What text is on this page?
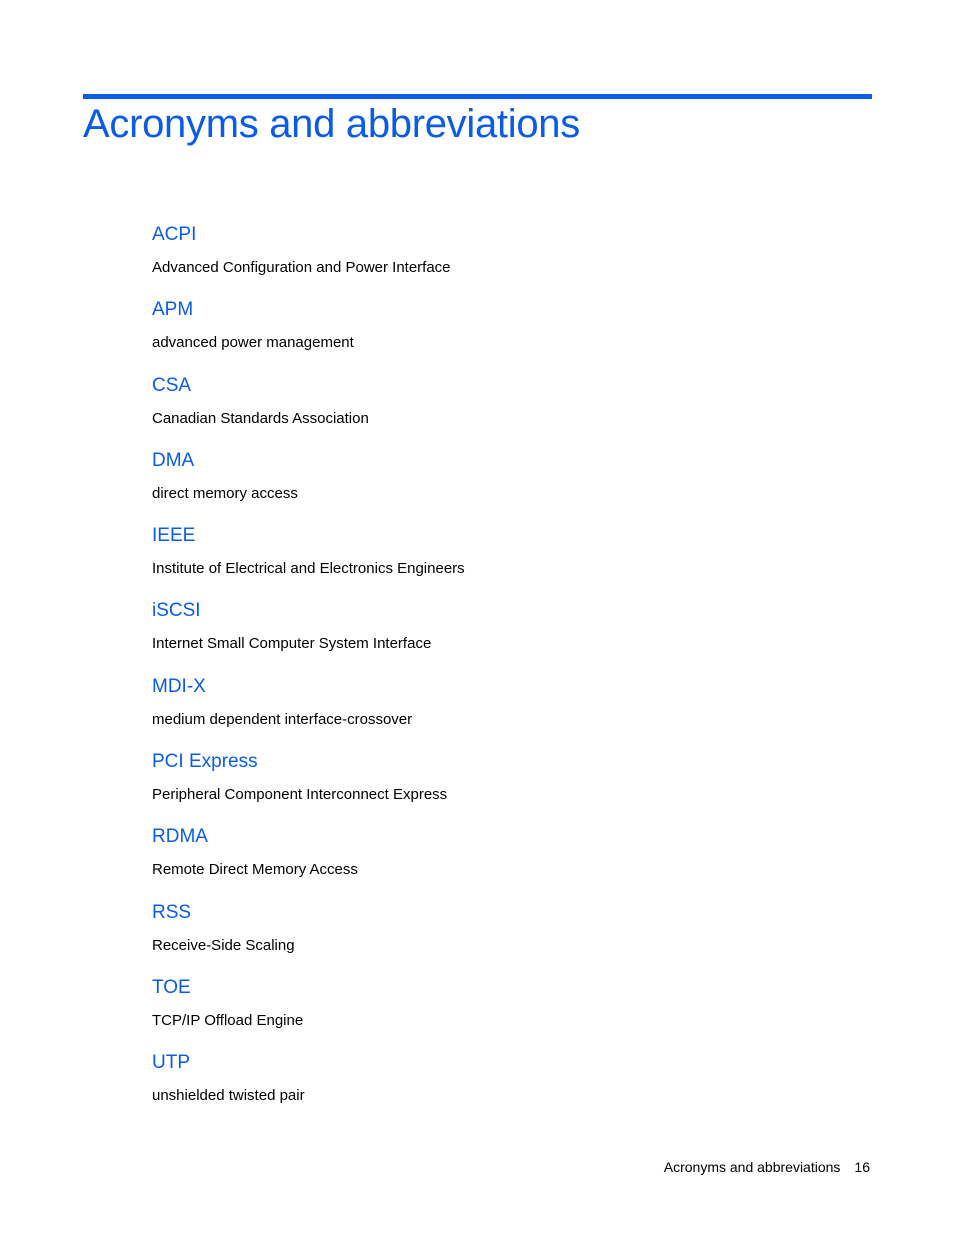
Acronyms and abbreviations
ACPI
Advanced Configuration and Power Interface
APM
advanced power management
CSA
Canadian Standards Association
DMA
direct memory access
IEEE
Institute of Electrical and Electronics Engineers
iSCSI
Internet Small Computer System Interface
MDI-X
medium dependent interface-crossover
PCI Express
Peripheral Component Interconnect Express
RDMA
Remote Direct Memory Access
RSS
Receive-Side Scaling
TOE
TCP/IP Offload Engine
UTP
unshielded twisted pair
Acronyms and abbreviations 16
